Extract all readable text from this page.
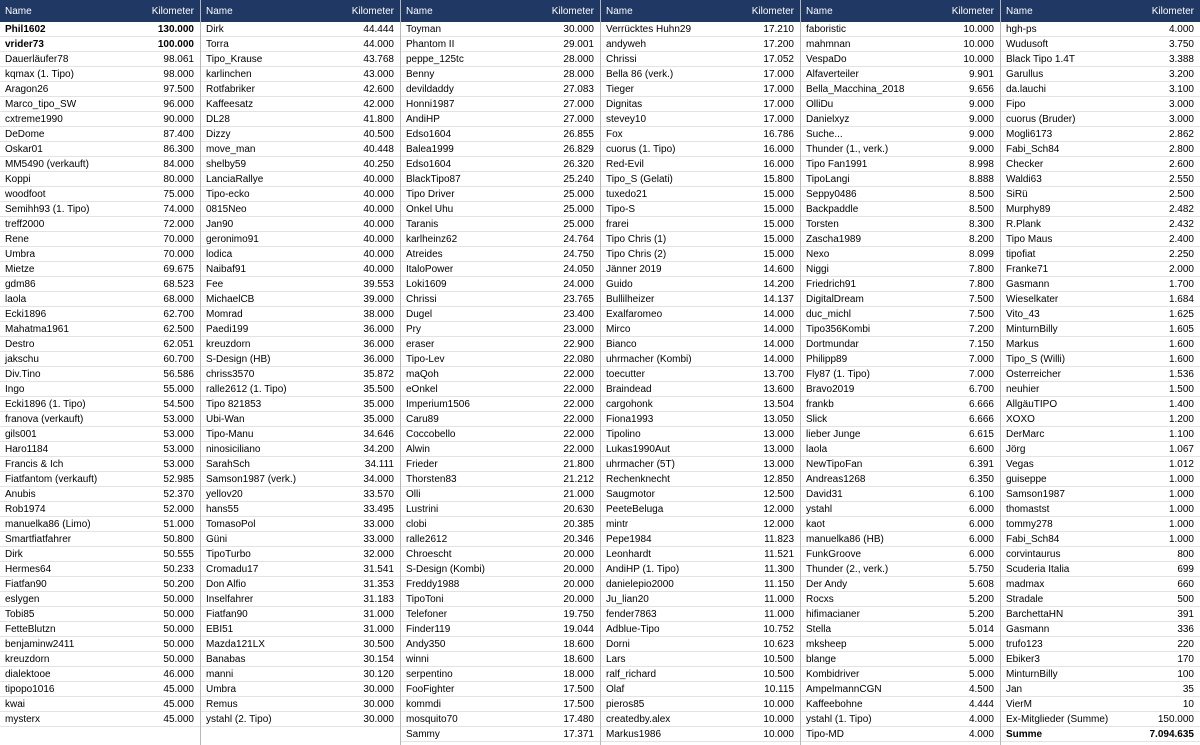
Name	Kilometer
Phil1602	130.000
vrider73	100.000
Dauerläufer78	98.061
kqmax (1. Tipo)	98.000
Aragon26	97.500
Marco_tipo_SW	96.000
cxtreme1990	90.000
DeDome	87.400
Oskar01	86.300
MM5490 (verkauft)	84.000
Koppi	80.000
woodfoot	75.000
Semihh93 (1. Tipo)	74.000
treff2000	72.000
Rene	70.000
Umbra	70.000
Mietze	69.675
gdm86	68.523
laola	68.000
Ecki1896	62.700
Mahatma1961	62.500
Destro	62.051
jakschu	60.700
Div.Tino	56.586
Ingo	55.000
Ecki1896 (1. Tipo)	54.500
franova (verkauft)	53.000
gils001	53.000
Haro1184	53.000
Francis & Ich	53.000
Fiatfantom (verkauft)	52.985
Anubis	52.370
Rob1974	52.000
manuelka86 (Limo)	51.000
Smartfiatfahrer	50.800
Dirk	50.555
Hermes64	50.233
Fiatfan90	50.200
eslygen	50.000
Tobi85	50.000
FetteBlutzn	50.000
benjaminw2411	50.000
kreuzdorn	50.000
dialektooe	46.000
tipopo1016	45.000
kwai	45.000
mysterx	45.000
Name	Kilometer
Dirk	44.444
Torra	44.000
Tipo_Krause	43.768
karlinchen	43.000
Rotfabriker	42.600
Kaffeesatz	42.000
DL28	41.800
Dizzy	40.500
move_man	40.448
shelby59	40.250
LanciaRallye	40.000
Tipo-ecko	40.000
0815Neo	40.000
Jan90	40.000
geronimo91	40.000
lodica	40.000
Naibaf91	40.000
Fee	39.553
MichaelCB	39.000
Momrad	38.000
Paedi199	36.000
kreuzdorn	36.000
S-Design (HB)	36.000
chriss3570	35.872
ralle2612 (1. Tipo)	35.500
Tipo 821853	35.000
Ubi-Wan	35.000
Tipo-Manu	34.646
ninosiciliano	34.200
SarahSch	34.111
Samson1987 (verk.)	34.000
yellov20	33.570
hans55	33.495
TomasoPol	33.000
Güni	33.000
TipoTurbo	32.000
Cromadu17	31.541
Don Alfio	31.353
Inselfahrer	31.183
Fiatfan90	31.000
EBI51	31.000
Mazda121LX	30.500
Banabas	30.154
manni	30.120
Umbra	30.000
Remus	30.000
ystahl (2. Tipo)	30.000
Name	Kilometer
Toyman	30.000
Phantom II	29.001
peppe_125tc	28.000
Benny	28.000
devildaddy	27.083
Honni1987	27.000
AndiHP	27.000
Edso1604	26.855
Balea1999	26.829
Edso1604	26.320
BlackTipo87	25.240
Tipo Driver	25.000
Onkel Uhu	25.000
Taranis	25.000
karlheinz62	24.764
Atreides	24.750
ItaloPower	24.050
Loki1609	24.000
Chrissi	23.765
Dugel	23.400
Pry	23.000
eraser	22.900
Tipo-Lev	22.080
maQoh	22.000
eOnkel	22.000
Imperium1506	22.000
Caru89	22.000
Coccobello	22.000
Alwin	22.000
Frieder	21.800
Thorsten83	21.212
Olli	21.000
Lustrini	20.630
clobi	20.385
ralle2612	20.346
Chroescht	20.000
S-Design (Kombi)	20.000
Freddy1988	20.000
TipoToni	20.000
Telefoner	19.750
Finder119	19.044
Andy350	18.600
winni	18.600
serpentino	18.000
FooFighter	17.500
kommdi	17.500
mosquito70	17.480
Sammy	17.371
Name	Kilometer
Verrücktes Huhn29	17.210
andyweh	17.200
Chrissi	17.052
Bella 86 (verk.)	17.000
Tieger	17.000
Dignitas	17.000
stevey10	17.000
Fox	16.786
cuorus (1. Tipo)	16.000
Red-Evil	16.000
Tipo_S (Gelati)	15.800
tuxedo21	15.000
Tipo-S	15.000
frarei	15.000
Tipo Chris (1)	15.000
Tipo Chris (2)	15.000
Jänner 2019	14.600
Guido	14.200
Bullilheizer	14.137
Exalfaromeo	14.000
Mirco	14.000
Bianco	14.000
uhrmacher (Kombi)	14.000
toecutter	13.700
Braindead	13.600
cargohonk	13.504
Fiona1993	13.050
Tipolino	13.000
Lukas1990Aut	13.000
uhrmacher (5T)	13.000
Rechenknecht	12.850
Saugmotor	12.500
PeeteBeluga	12.000
mintr	12.000
Pepe1984	11.823
Leonhardt	11.521
AndiHP (1. Tipo)	11.300
danielepio2000	11.150
Ju_lian20	11.000
fender7863	11.000
Adblue-Tipo	10.752
Dorni	10.623
Lars	10.500
ralf_richard	10.500
Olaf	10.115
pieros85	10.000
createdby.alex	10.000
Markus1986	10.000
Name	Kilometer
faboristic	10.000
mahmnan	10.000
VespaDo	10.000
Alfaverteiler	9.901
Bella_Macchina_2018	9.656
OlliDu	9.000
Danielxyz	9.000
Suche...	9.000
Thunder (1., verk.)	9.000
Tipo Fan1991	8.998
TipoLangi	8.888
Seppy0486	8.500
Backpaddle	8.500
Torsten	8.300
Zascha1989	8.200
Nexo	8.099
Niggi	7.800
Friedrich91	7.800
DigitalDream	7.500
duc_michl	7.500
Tipo356Kombi	7.200
Dortmundar	7.150
Philipp89	7.000
Fly87 (1. Tipo)	7.000
Bravo2019	6.700
frankb	6.666
Slick	6.666
lieber Junge	6.615
laola	6.600
NewTipoFan	6.391
Andreas1268	6.350
David31	6.100
ystahl	6.000
kaot	6.000
manuelka86 (HB)	6.000
FunkGroove	6.000
Thunder (2., verk.)	5.750
Der Andy	5.608
Rocxs	5.200
hifimacianer	5.200
Stella	5.014
mksheep	5.000
blange	5.000
Kombidriver	5.000
AmpelmannCGN	4.500
Kaffeebohne	4.444
ystahl (1. Tipo)	4.000
Tipo-MD	4.000
Name	Kilometer
hgh-ps	4.000
Wudusoft	3.750
Black Tipo 1.4T	3.388
Garullus	3.200
da.lauchi	3.100
Fipo	3.000
cuorus (Bruder)	3.000
Mogli6173	2.862
Fabi_Sch84	2.800
Checker	2.600
Waldi63	2.550
SiRü	2.500
Murphy89	2.482
R.Plank	2.432
Tipo Maus	2.400
tipofiat	2.250
Franke71	2.000
Gasmann	1.700
Wieselkater	1.684
Vito_43	1.625
MinturnBilly	1.605
Markus	1.600
Tipo_S (Willi)	1.600
Österreicher	1.536
neuhier	1.500
AllgäuTIPO	1.400
XOXO	1.200
DerMarc	1.100
Jörg	1.067
Vegas	1.012
guiseppe	1.000
Samson1987	1.000
thomastst	1.000
tommy278	1.000
Fabi_Sch84	1.000
corvintaurus	800
Scuderia Italia	699
madmax	660
Stradale	500
BarchettaHN	391
Gasmann	336
trufo123	220
Ebiker3	170
MinturnBilly	100
Jan	35
VierM	10
Ex-Mitglieder (Summe)	150.000
Summe	7.094.635
